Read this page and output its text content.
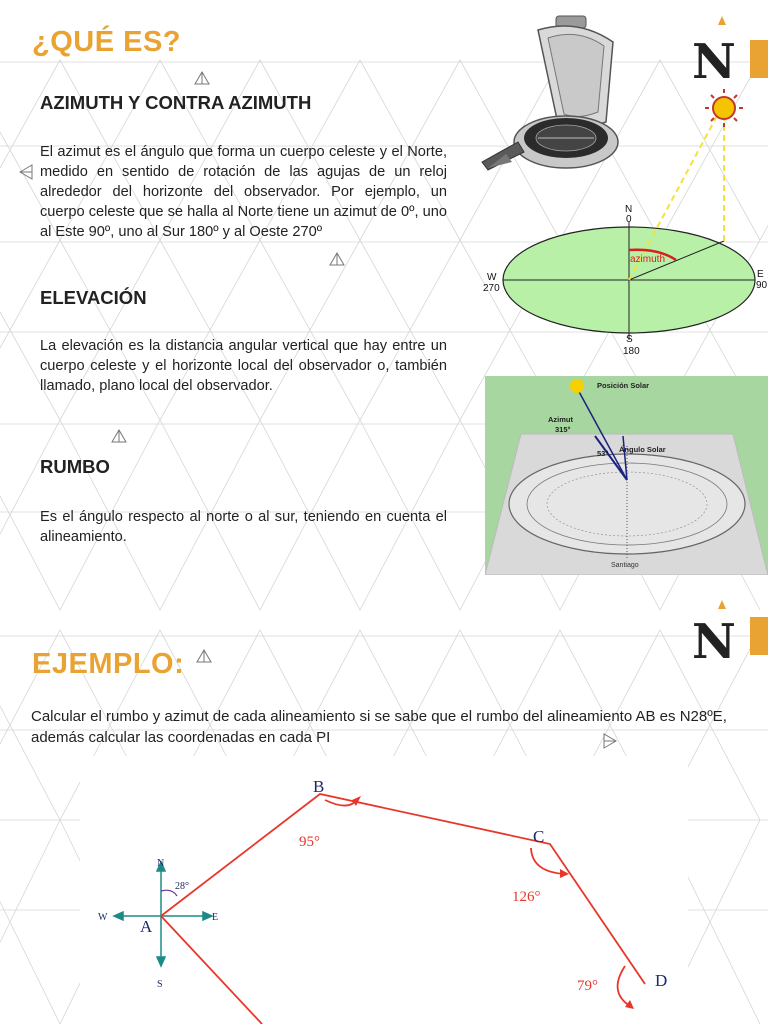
¿QUÉ ES?	N
AZIMUTH Y CONTRA AZIMUTH
El azimut es el ángulo que forma un cuerpo celeste y el Norte, medido en sentido de rotación de las agujas de un reloj alrededor del horizonte del observador. Por ejemplo, un cuerpo celeste que se halla al Norte tiene un azimut de 0º, uno al Este 90º, uno al Sur 180º y al Oeste 270º
ELEVACIÓN
La elevación es la distancia angular vertical que hay entre un cuerpo celeste y el horizonte local del observador o, también llamado, plano local del observador.
RUMBO
Es el ángulo respecto al norte o al sur, teniendo en cuenta el alineamiento.
N
0
E
90
S
180
W
270
azimuth
Posición Solar
Azimut
315°
53° Ángulo Solar
Santiago
EJEMPLO:	N
Calcular el rumbo y azimut de cada alineamiento si se sabe que el rumbo del alineamiento AB es N28ºE, además calcular las coordenadas en cada PI
B
C
D
A
95°
126°
79°
28°
N
S
E
W
